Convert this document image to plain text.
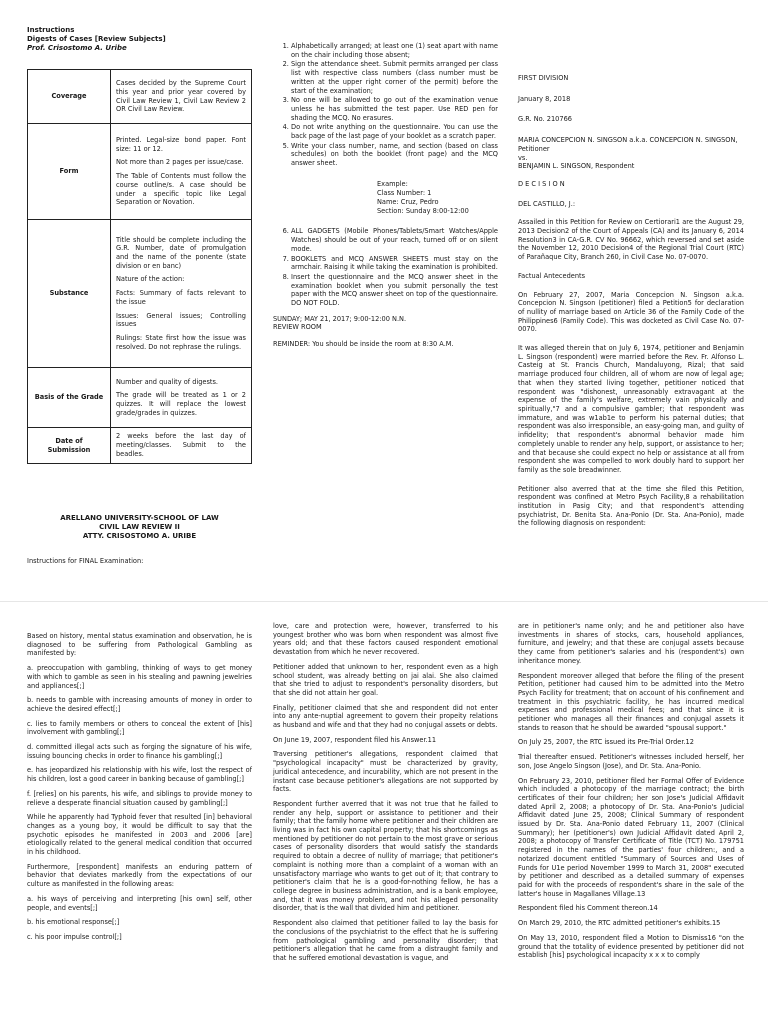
Instructions
Digests of Cases [Review Subjects]
Prof. Crisostomo A. Uribe
Coverage	Cases decided by the Supreme Court this year and prior year covered by Civil Law Review 1, Civil Law Review 2 OR Civil Law Review.

Form	Printed. Legal-size bond paper. Font size: 11 or 12.

Not more than 2 pages per issue/case.

The Table of Contents must follow the course outline/s. A case should be under a specific topic like Legal Separation or Novation.

Substance	Title should be complete including the G.R. Number, date of promulgation and the name of the ponente (state division or en banc)

Nature of the action:

Facts: Summary of facts relevant to the issue

Issues: General issues; Controlling issues

Rulings: State first how the issue was resolved. Do not rephrase the rulings.

Basis of the Grade	Number and quality of digests.

The grade will be treated as 1 or 2 quizzes. It will replace the lowest grade/grades in quizzes.

Date of Submission	2 weeks before the last day of meeting/classes. Submit to the beadles.

ARELLANO UNIVERSITY-SCHOOL OF LAW
CIVIL LAW REVIEW II
ATTY. CRISOSTOMO A. URIBE
Instructions for FINAL Examination:
1. Alphabetically arranged; at least one (1) seat apart with name on the chair including those absent;
2. Sign the attendance sheet. Submit permits arranged per class list with respective class numbers (class number must be written at the upper right corner of the permit) before the start of the examination;
3. No one will be allowed to go out of the examination venue unless he has submitted the test paper. Use RED pen for shading the MCQ. No erasures.
4. Do not write anything on the questionnaire. You can use the back page of the last page of your booklet as a scratch paper.
5. Write your class number, name, and section (based on class schedules) on both the booklet (front page) and the MCQ answer sheet.
Example:
Class Number: 1
Name: Cruz, Pedro
Section: Sunday 8:00-12:00
6. ALL GADGETS (Mobile Phones/Tablets/Smart Watches/Apple Watches) should be out of your reach, turned off or on silent mode.
7. BOOKLETS and MCQ ANSWER SHEETS must stay on the armchair. Raising it while taking the examination is prohibited.
8. Insert the questionnaire and the MCQ answer sheet in the examination booklet when you submit personally the test paper with the MCQ answer sheet on top of the questionnaire. DO NOT FOLD.
SUNDAY; MAY 21, 2017; 9:00-12:00 N.N.
REVIEW ROOM
REMINDER: You should be inside the room at 8:30 A.M.

FIRST DIVISION

January 8, 2018

G.R. No. 210766

MARIA CONCEPCION N. SINGSON a.k.a. CONCEPCION N. SINGSON, Petitioner
vs.
BENJAMIN L. SINGSON, Respondent

D E C I S I O N

DEL CASTILLO, J.:

Assailed in this Petition for Review on Certiorari1 are the August 29, 2013 Decision2 of the Court of Appeals (CA) and its January 6, 2014 Resolution3 in CA-G.R. CV No. 96662, which reversed and set aside the November 12, 2010 Decision4 of the Regional Trial Court (RTC) of Parañaque City, Branch 260, in Civil Case No. 07-0070.

Factual Antecedents

On February 27, 2007, Maria Concepcion N. Singson a.k.a. Concepcion N. Singson (petitioner) filed a Petition5 for declaration of nullity of marriage based on Article 36 of the Family Code of the Philippines6 (Family Code). This was docketed as Civil Case No. 07-0070.

It was alleged therein that on July 6, 1974, petitioner and Benjamin L. Singson (respondent) were married before the Rev. Fr. Alfonso L. Casteig at St. Francis Church, Mandaluyong, Rizal; that said marriage produced four children, all of whom are now of legal age; that when they started living together, petitioner noticed that respondent was "dishonest, unreasonably extravagant at the expense of the family's welfare, extremely vain physically and spiritually,"7 and a compulsive gambler; that respondent was immature, and was w1ab1e to perform his paternal duties; that respondent was also irresponsible, an easy-going man, and guilty of infidelity; that respondent's abnormal behavior made him completely unable to render any help, support, or assistance to her; and that because she could expect no help or assistance at all from respondent she was compelled to work doubly hard to support her family as the sole breadwinner.

Petitioner also averred that at the time she filed this Petition, respondent was confined at Metro Psych Facility,8 a rehabilitation institution in Pasig City; and that respondent's attending psychiatrist, Dr. Benita Sta. Ana-Ponio (Dr. Sta. Ana-Ponio), made the following diagnosis on respondent:

Based on history, mental status examination and observation, he is diagnosed to be suffering from Pathological Gambling as manifested by:

a. preoccupation with gambling, thinking of ways to get money with which to gamble as seen in his stealing and pawning jewelries and appliances[;]

b. needs to gamble with increasing amounts of money in order to achieve the desired effect[;]

c. lies to family members or others to conceal the extent of [his] involvement with gambling[;]

d. committed illegal acts such as forging the signature of his wife, issuing bouncing checks in order to finance his gambling[;]

e. has jeopardized his relationship with his wife, lost the respect of his children, lost a good career in banking because of gambling[;]

f. [relies] on his parents, his wife, and siblings to provide money to relieve a desperate financial situation caused by gambling[;]

While he apparently had Typhoid fever that resulted [in] behavioral changes as a young boy, it would be difficult to say that the psychotic episodes he manifested in 2003 and 2006 [are] etiologically related to the general medical condition that occurred in his childhood.

Furthermore, [respondent] manifests an enduring pattern of behavior that deviates markedly from the expectations of our culture as manifested in the following areas:

a. his ways of perceiving and interpreting [his own] self, other people, and events[;]

b. his emotional response[;]

c. his poor impulse control[;]

love, care and protection were, however, transferred to his youngest brother who was born when respondent was almost five years old; and that these factors caused respondent emotional devastation from which he never recovered.

Petitioner added that unknown to her, respondent even as a high school student, was already betting on jai alai. She also claimed that she tried to adjust to respondent's personality disorders, but that she did not attain her goal.

Finally, petitioner claimed that she and respondent did not enter into any ante-nuptial agreement to govern their propeity relations as husband and wife and that they had no conjugal assets or debts.

On June 19, 2007, respondent filed his Answer.11

Traversing petitioner's allegations, respondent claimed that "psychological incapacity" must be characterized by gravity, juridical antecedence, and incurability, which are not present in the instant case because petitioner's allegations are not supported by facts.

Respondent further averred that it was not true that he failed to render any help, support or assistance to petitioner and their family; that the family home where petitioner and their children are living was in fact his own capital property; that his shortcomings as mentioned by petitioner do not pertain to the most grave or serious cases of personality disorders that would satisfy the standards required to obtain a decree of nullity of marriage; that petitioner's complaint is nothing more than a complaint of a woman with an unsatisfactory marriage who wants to get out of it; that contrary to petitioner's claim that he is a good-for-nothing fellow, he has a college degree in business administration, and is a bank employee, and, that it was money problem, and not his alleged personality disorder, that is the wall that divided him and petitioner.

Respondent also claimed that petitioner failed to lay the basis for the conclusions of the psychiatrist to the effect that he is suffering from pathological gambling and personality disorder; that petitioner's allegation that he came from a distraught family and that he suffered emotional devastation is vague, and

are in petitioner's name only; and he and petitioner also have investments in shares of stocks, cars, household appliances, furniture, and jewelry; and that these are conjugal assets because they came from petitioner's salaries and his (respondent's) own inheritance money.

Respondent moreover alleged that before the filing of the present Petition, petitioner had caused him to be admitted into the Metro Psych Facility for treatment; that on account of his confinement and treatment in this psychiatric facility, he has incurred medical expenses and professional medical fees; and that since it is petitioner who manages all their finances and conjugal assets it stands to reason that he should be awarded "spousal support."

On July 25, 2007, the RTC issued its Pre-Trial Order.12

Trial thereafter ensued. Petitioner's witnesses included herself, her son, Jose Angelo Singson (Jose), and Dr. Sta. Ana-Ponio.

On February 23, 2010, petitioner filed her Formal Offer of Evidence which included a photocopy of the marriage contract; the birth certificates of their four children; her son Jose's Judicial Affidavit dated April 2, 2008; a photocopy of Dr. Sta. Ana-Ponio's Judicial Affidavit dated June 25, 2008; Clinical Summary of respondent issued by Dr. Sta. Ana-Ponio dated February 11, 2007 (Clinical Summary); her (petitioner's) own Judicial Affidavit dated April 2, 2008; a photocopy of Transfer Certificate of Title (TCT) No. 179751 registered in the names of the parties' four children:, and a notarized document entitled "Summary of Sources and Uses of Funds for U1e period November 1999 to March 31, 2008" executed by petitioner and described as a detailed summary of expenses paid for with the proceeds of respondent's share in the sale of the latter's house in Magallanes Village.13

Respondent filed his Comment thereon.14

On March 29, 2010, the RTC admitted petitioner's exhibits.15

On May 13, 2010, respondent filed a Motion to Dismiss16 "on the ground that the totality of evidence presented by petitioner did not establish [his] psychological incapacity x x x to comply
